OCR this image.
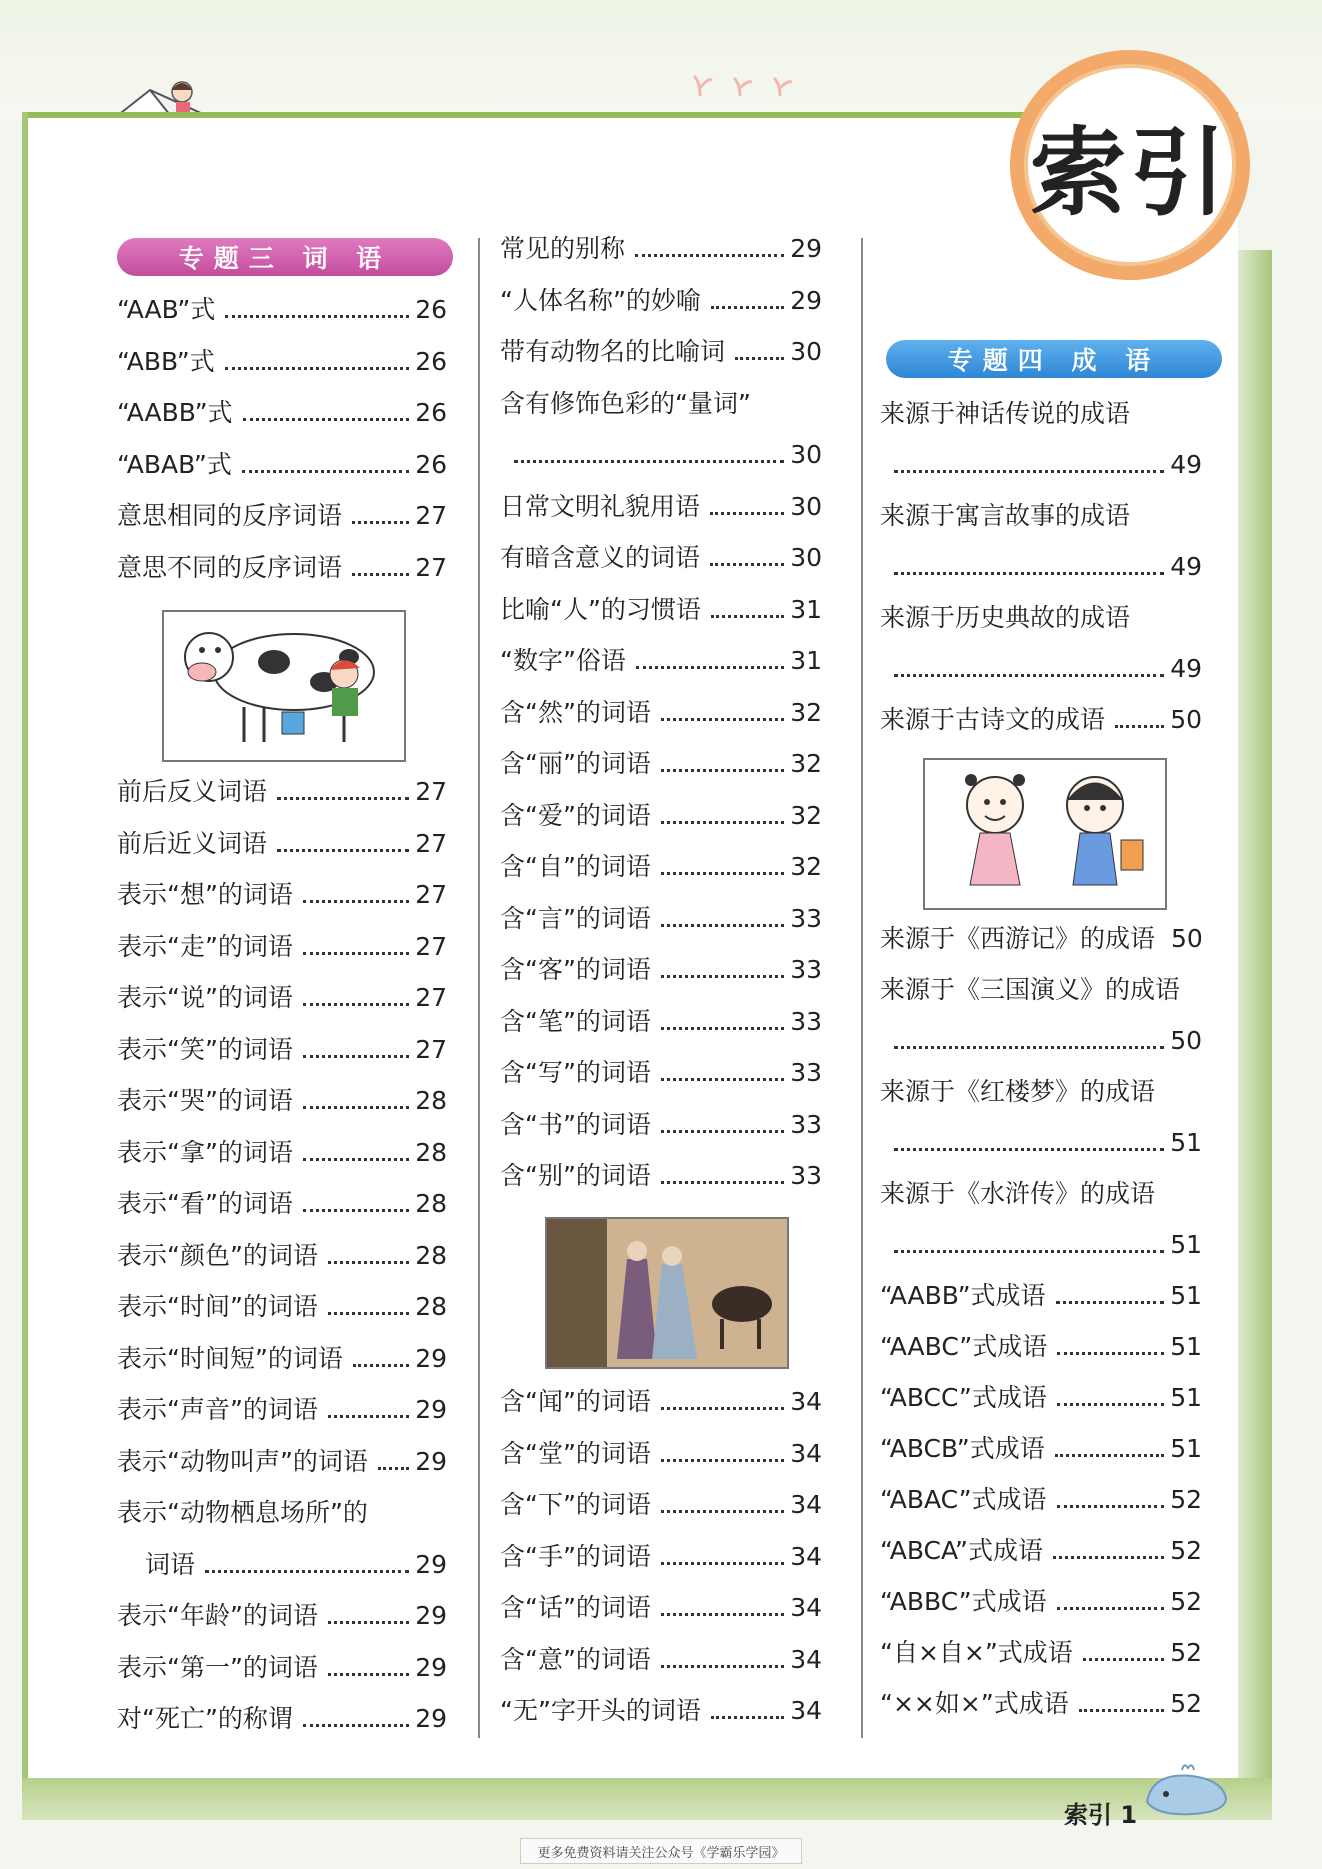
索引
专题三 词 语
专题四 成 语
“AAB”式	26
“ABB”式	26
“AABB”式	26
“ABAB”式	26
意思相同的反序词语	27
意思不同的反序词语	27
前后反义词语	27
前后近义词语	27
表示“想”的词语	27
表示“走”的词语	27
表示“说”的词语	27
表示“笑”的词语	27
表示“哭”的词语	28
表示“拿”的词语	28
表示“看”的词语	28
表示“颜色”的词语	28
表示“时间”的词语	28
表示“时间短”的词语	29
表示“声音”的词语	29
表示“动物叫声”的词语 29
表示“动物栖息场所”的
词语	29
表示“年龄”的词语	29
表示“第一”的词语	29
对“死亡”的称谓	29
常见的别称	29
“人体名称”的妙喻	29
带有动物名的比喻词	30
含有修饰色彩的“量词”
30
日常文明礼貌用语	30
有暗含意义的词语	30
比喻“人”的习惯语	31
“数字”俗语	31
含“然”的词语	32
含“丽”的词语	32
含“爱”的词语	32
含“自”的词语	32
含“言”的词语	33
含“客”的词语	33
含“笔”的词语	33
含“写”的词语	33
含“书”的词语	33
含“别”的词语	33
含“闻”的词语	34
含“堂”的词语	34
含“下”的词语	34
含“手”的词语	34
含“话”的词语	34
含“意”的词语	34
“无”字开头的词语	34
来源于神话传说的成语
49
来源于寓言故事的成语
49
来源于历史典故的成语
49
来源于古诗文的成语	50
来源于《西游记》的成语 50
来源于《三国演义》的成语
50
来源于《红楼梦》的成语
51
来源于《水浒传》的成语
51
“AABB”式成语	51
“AABC”式成语	51
“ABCC”式成语	51
“ABCB”式成语	51
“ABAC”式成语	52
“ABCA”式成语	52
“ABBC”式成语	52
“自×自×”式成语	52
“××如×”式成语	52
索引 1
更多免费资料请关注公众号《学霸乐学园》
